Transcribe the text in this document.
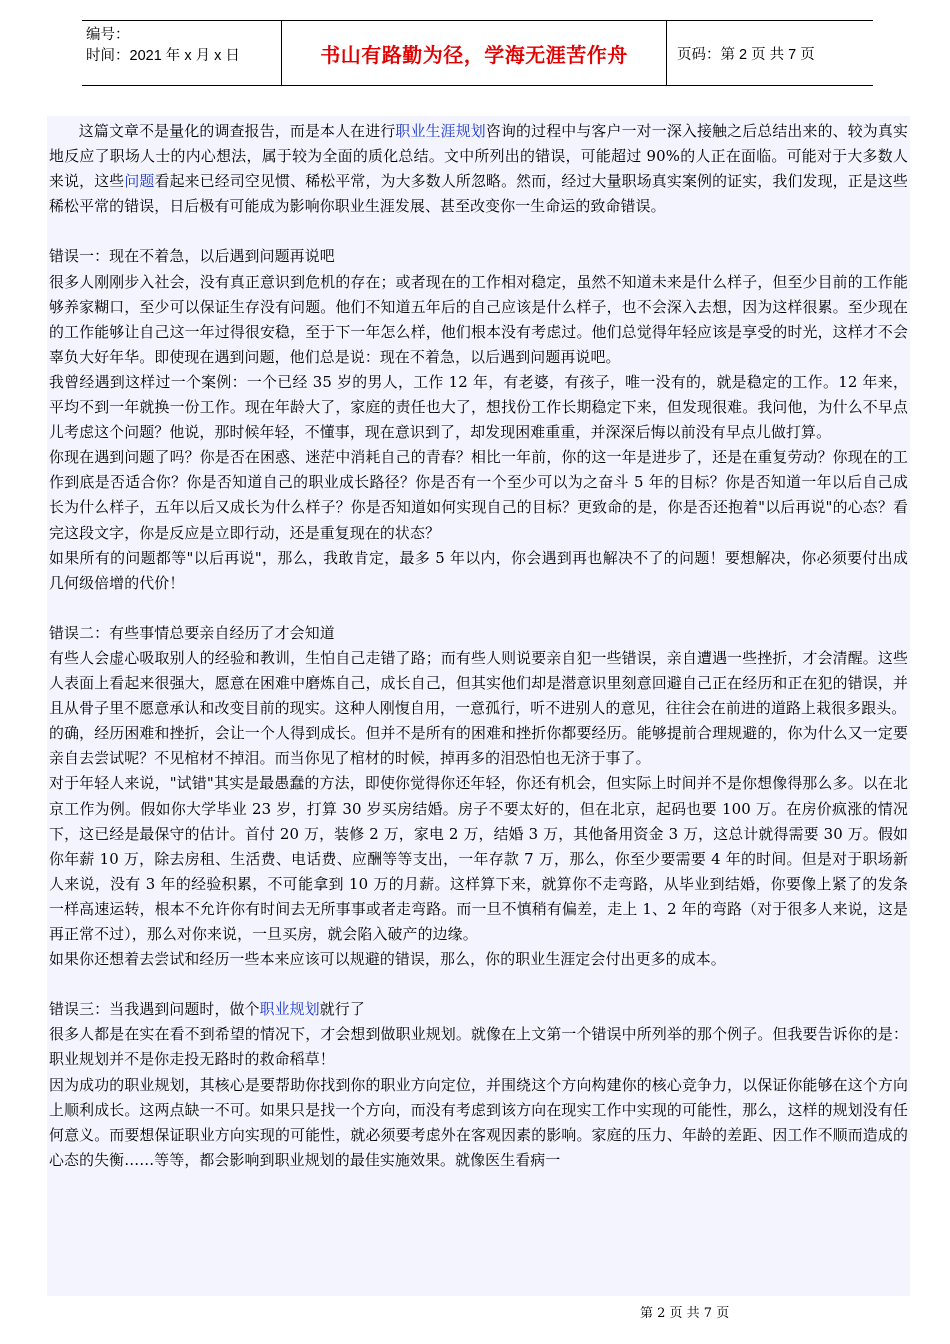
编号：
时间：2021 年 x 月 x 日	书山有路勤为径，学海无涯苦作舟	页码：第 2 页 共 7 页

这篇文章不是量化的调查报告，而是本人在进行职业生涯规划咨询的过程中与客户一对一深入接触之后总结出来的、较为真实地反应了职场人士的内心想法，属于较为全面的质化总结。文中所列出的错误，可能超过 90%的人正在面临。可能对于大多数人来说，这些问题看起来已经司空见惯、稀松平常，为大多数人所忽略。然而，经过大量职场真实案例的证实，我们发现，正是这些稀松平常的错误，日后极有可能成为影响你职业生涯发展、甚至改变你一生命运的致命错误。

错误一：现在不着急，以后遇到问题再说吧

很多人刚刚步入社会，没有真正意识到危机的存在；或者现在的工作相对稳定，虽然不知道未来是什么样子，但至少目前的工作能够养家糊口，至少可以保证生存没有问题。他们不知道五年后的自己应该是什么样子，也不会深入去想，因为这样很累。至少现在的工作能够让自己这一年过得很安稳，至于下一年怎么样，他们根本没有考虑过。他们总觉得年轻应该是享受的时光，这样才不会辜负大好年华。即使现在遇到问题，他们总是说：现在不着急，以后遇到问题再说吧。

我曾经遇到这样过一个案例：一个已经 35 岁的男人，工作 12 年，有老婆，有孩子，唯一没有的，就是稳定的工作。12 年来，平均不到一年就换一份工作。现在年龄大了，家庭的责任也大了，想找份工作长期稳定下来，但发现很难。我问他，为什么不早点儿考虑这个问题？他说，那时候年轻，不懂事，现在意识到了，却发现困难重重，并深深后悔以前没有早点儿做打算。

你现在遇到问题了吗？你是否在困惑、迷茫中消耗自己的青春？相比一年前，你的这一年是进步了，还是在重复劳动？你现在的工作到底是否适合你？你是否知道自己的职业成长路径？你是否有一个至少可以为之奋斗 5 年的目标？你是否知道一年以后自己成长为什么样子，五年以后又成长为什么样子？你是否知道如何实现自己的目标？更致命的是，你是否还抱着"以后再说"的心态？看完这段文字，你是反应是立即行动，还是重复现在的状态？

如果所有的问题都等"以后再说"，那么，我敢肯定，最多 5 年以内，你会遇到再也解决不了的问题！要想解决，你必须要付出成几何级倍增的代价！

错误二：有些事情总要亲自经历了才会知道

有些人会虚心吸取别人的经验和教训，生怕自己走错了路；而有些人则说要亲自犯一些错误，亲自遭遇一些挫折，才会清醒。这些人表面上看起来很强大，愿意在困难中磨炼自己，成长自己，但其实他们却是潜意识里刻意回避自己正在经历和正在犯的错误，并且从骨子里不愿意承认和改变目前的现实。这种人刚愎自用，一意孤行，听不进别人的意见，往往会在前进的道路上栽很多跟头。

的确，经历困难和挫折，会让一个人得到成长。但并不是所有的困难和挫折你都要经历。能够提前合理规避的，你为什么又一定要亲自去尝试呢？不见棺材不掉泪。而当你见了棺材的时候，掉再多的泪恐怕也无济于事了。

对于年轻人来说，"试错"其实是最愚蠢的方法，即使你觉得你还年轻，你还有机会，但实际上时间并不是你想像得那么多。以在北京工作为例。假如你大学毕业 23 岁，打算 30 岁买房结婚。房子不要太好的，但在北京，起码也要 100 万。在房价疯涨的情况下，这已经是最保守的估计。首付 20 万，装修 2 万，家电 2 万，结婚 3 万，其他备用资金 3 万，这总计就得需要 30 万。假如你年薪 10 万，除去房租、生活费、电话费、应酬等等支出，一年存款 7 万，那么，你至少要需要 4 年的时间。但是对于职场新人来说，没有 3 年的经验积累，不可能拿到 10 万的月薪。这样算下来，就算你不走弯路，从毕业到结婚，你要像上紧了的发条一样高速运转，根本不允许你有时间去无所事事或者走弯路。而一旦不慎稍有偏差，走上 1、2 年的弯路（对于很多人来说，这是再正常不过），那么对你来说，一旦买房，就会陷入破产的边缘。

如果你还想着去尝试和经历一些本来应该可以规避的错误，那么，你的职业生涯定会付出更多的成本。

错误三：当我遇到问题时，做个职业规划就行了

很多人都是在实在看不到希望的情况下，才会想到做职业规划。就像在上文第一个错误中所列举的那个例子。但我要告诉你的是：职业规划并不是你走投无路时的救命稻草！

因为成功的职业规划，其核心是要帮助你找到你的职业方向定位，并围绕这个方向构建你的核心竞争力，以保证你能够在这个方向上顺利成长。这两点缺一不可。如果只是找一个方向，而没有考虑到该方向在现实工作中实现的可能性，那么，这样的规划没有任何意义。而要想保证职业方向实现的可能性，就必须要考虑外在客观因素的影响。家庭的压力、年龄的差距、因工作不顺而造成的心态的失衡……等等，都会影响到职业规划的最佳实施效果。就像医生看病一

第 2 页 共 7 页
